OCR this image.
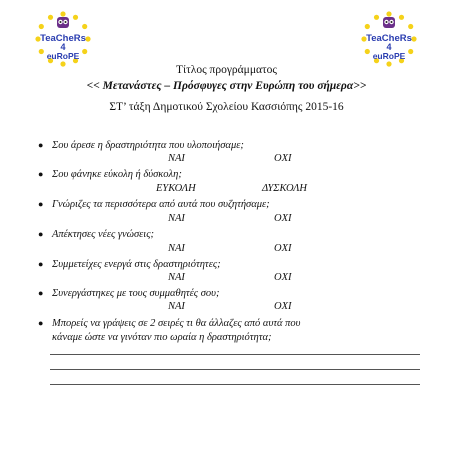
TeaCheRs
4
euRoPE
TeaCheRs
4
euRoPE
Τίτλος προγράμματος
<< Μετανάστες – Πρόσφυγες στην Ευρώπη του σήμερα>>
ΣΤ’ τάξη Δημοτικού Σχολείου Κασσιόπης 2015-16
● Σου άρεσε η δραστηριότητα που υλοποιήσαμε;
ΝΑΙ	ΟΧΙ
● Σου φάνηκε εύκολη ή δύσκολη;
ΕΥΚΟΛΗ	ΔΥΣΚΟΛΗ
● Γνώριζες τα περισσότερα από αυτά που συζητήσαμε;
ΝΑΙ	ΟΧΙ
● Απέκτησες νέες γνώσεις;
ΝΑΙ	ΟΧΙ
● Συμμετείχες ενεργά στις δραστηριότητες;
ΝΑΙ	ΟΧΙ
● Συνεργάστηκες με τους συμμαθητές σου;
ΝΑΙ	ΟΧΙ
● Μπορείς να γράψεις σε 2 σειρές τι θα άλλαζες από αυτά που
κάναμε ώστε να γινόταν πιο ωραία η δραστηριότητα;
